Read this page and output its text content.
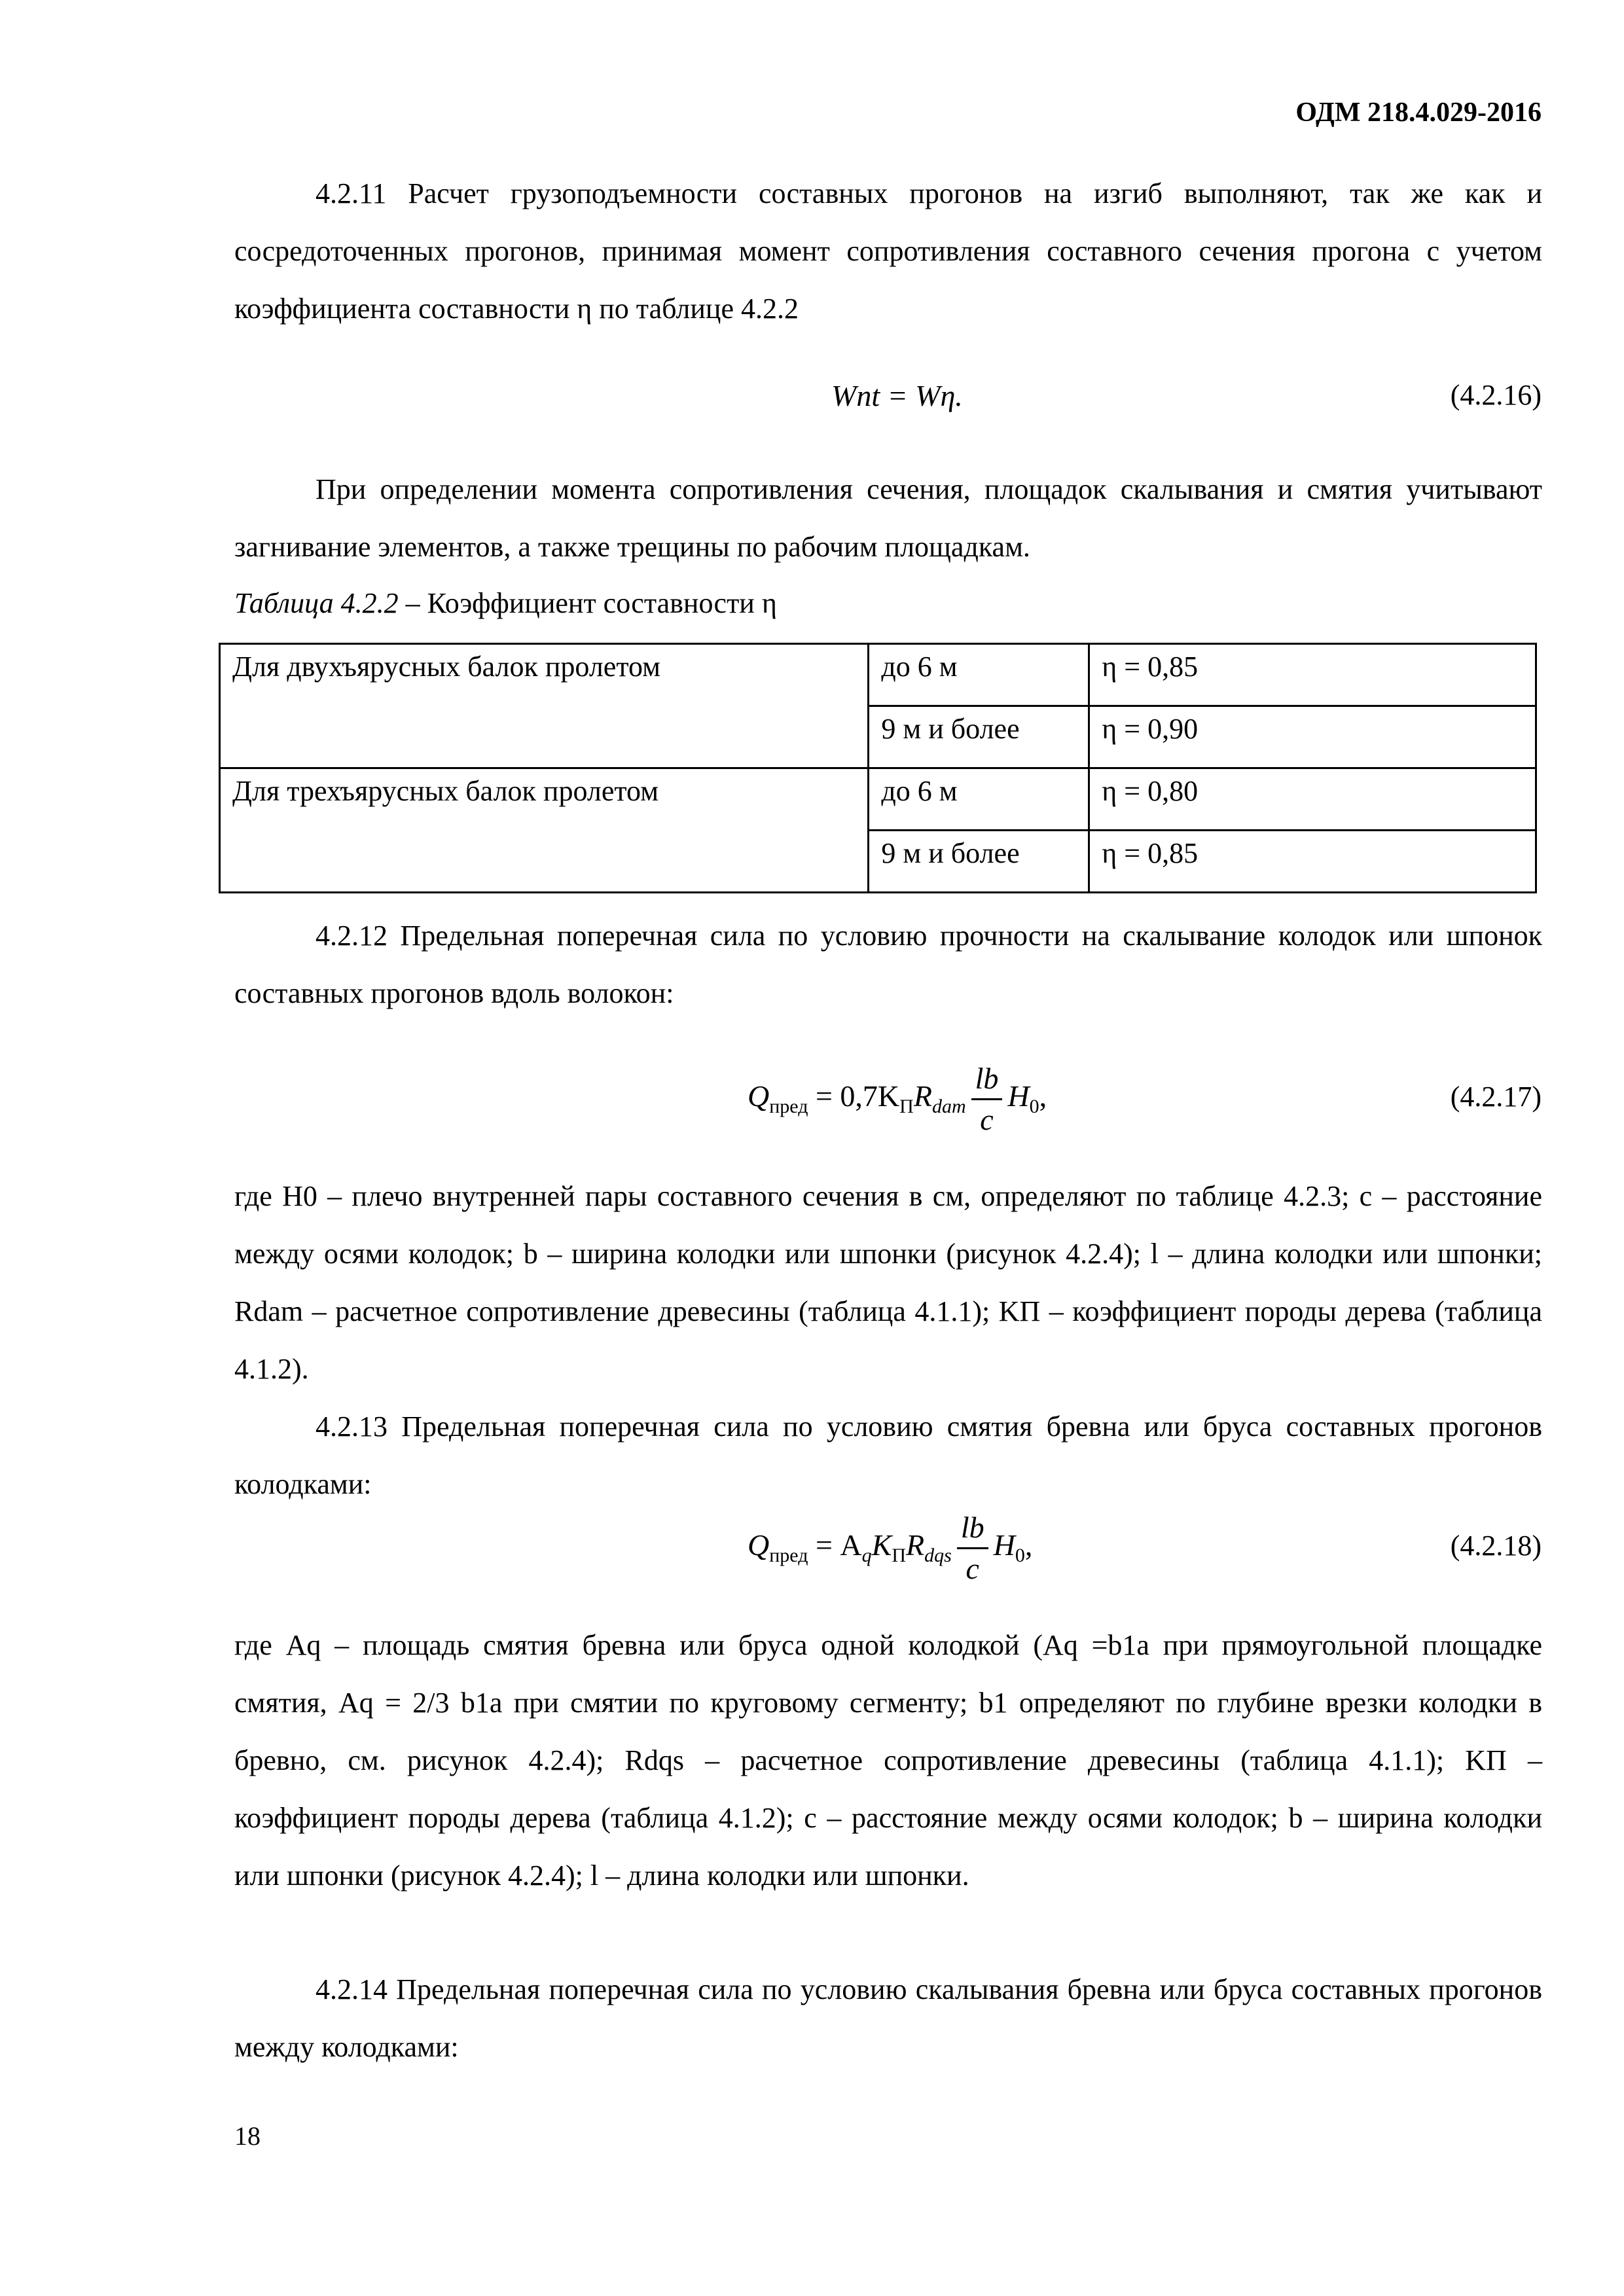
ОДМ 218.4.029-2016

4.2.11 Расчет грузоподъемности составных прогонов на изгиб выполняют, так же как и сосредоточенных прогонов, принимая момент сопротивления составного сечения прогона с учетом коэффициента составности η по таблице 4.2.2

Wnt = Wη.	(4.2.16)

При определении момента сопротивления сечения, площадок скалывания и смятия учитывают загнивание элементов, а также трещины по рабочим площадкам.

Таблица 4.2.2 – Коэффициент составности η
Для двухъярусных балок пролетом	до 6 м	η = 0,85
	9 м и более	η = 0,90
Для трехъярусных балок пролетом	до 6 м	η = 0,80
	9 м и более	η = 0,85

4.2.12 Предельная поперечная сила по условию прочности на скалывание колодок или шпонок составных прогонов вдоль волокон:

$Q_{пред} = 0,7K_ПR_{dam} \frac{lb}{c} H_0$,	(4.2.17)

где H0 – плечо внутренней пары составного сечения в см, определяют по таблице 4.2.3; c – расстояние между осями колодок; b – ширина колодки или шпонки (рисунок 4.2.4); l – длина колодки или шпонки; Rdam – расчетное сопротивление древесины (таблица 4.1.1); KП – коэффициент породы дерева (таблица 4.1.2).

4.2.13 Предельная поперечная сила по условию смятия бревна или бруса составных прогонов колодками:

$Q_{пред} = A_qK_ПR_{dqs} \frac{lb}{c} H_0$,	(4.2.18)

где Aq – площадь смятия бревна или бруса одной колодкой (Aq =b1a при прямоугольной площадке смятия, Aq = 2/3 b1a при смятии по круговому сегменту; b1 определяют по глубине врезки колодки в бревно, см. рисунок 4.2.4); Rdqs – расчетное сопротивление древесины (таблица 4.1.1); KП – коэффициент породы дерева (таблица 4.1.2); c – расстояние между осями колодок; b – ширина колодки или шпонки (рисунок 4.2.4); l – длина колодки или шпонки.

4.2.14 Предельная поперечная сила по условию скалывания бревна или бруса составных прогонов между колодками:

18
